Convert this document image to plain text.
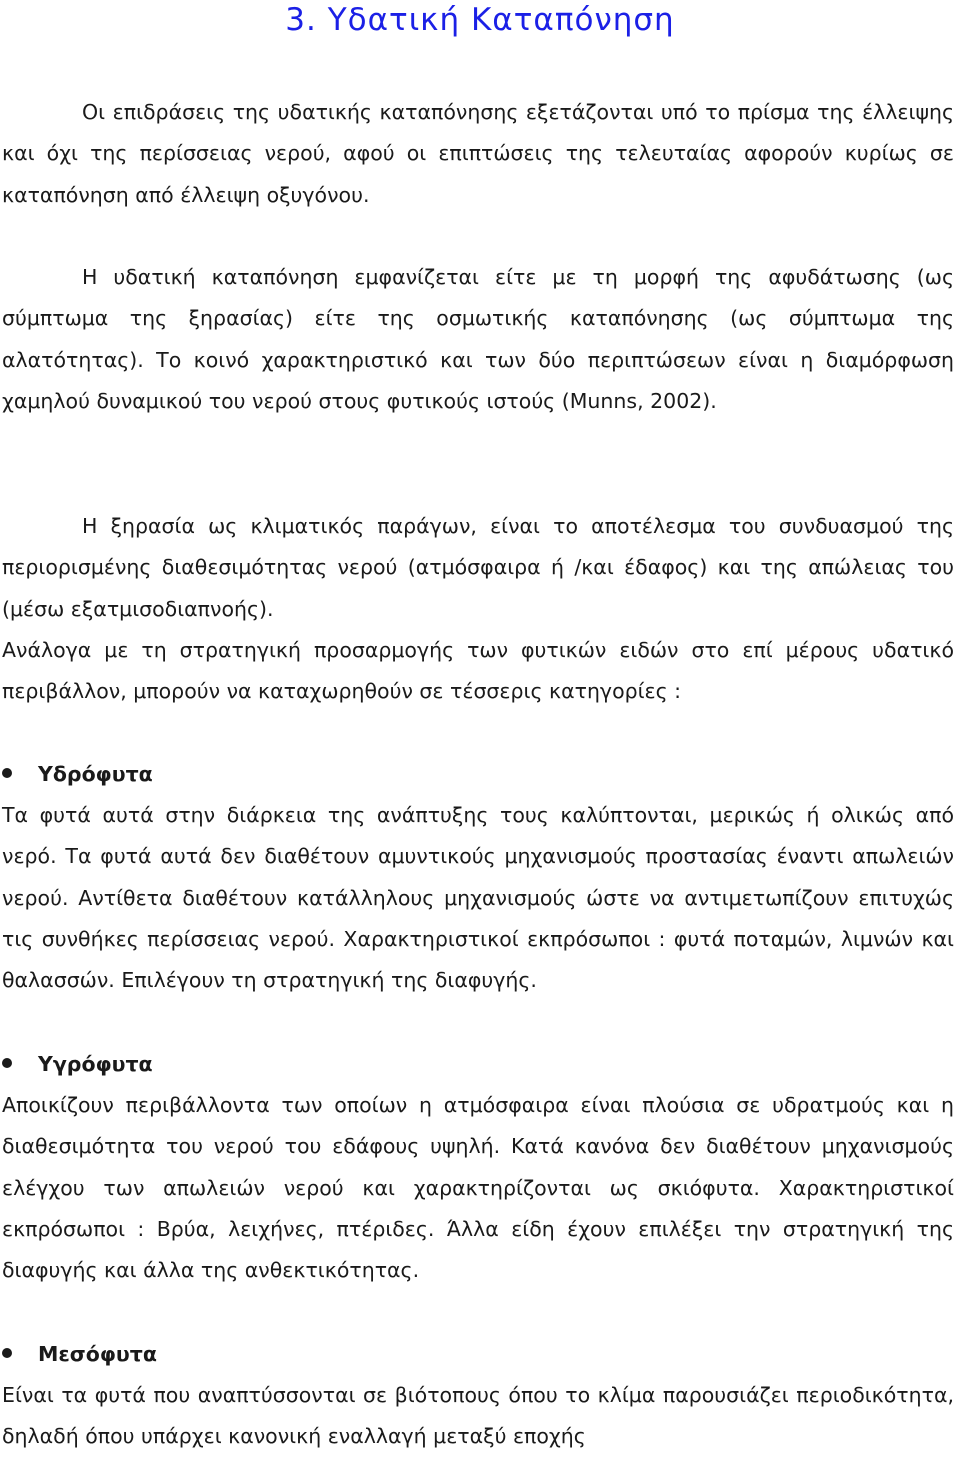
3. Υδατική Καταπόνηση

Οι επιδράσεις της υδατικής καταπόνησης εξετάζονται υπό το πρίσμα της έλλειψης και όχι της περίσσειας νερού, αφού οι επιπτώσεις της τελευταίας αφορούν κυρίως σε καταπόνηση από έλλειψη οξυγόνου.

Η υδατική καταπόνηση εμφανίζεται είτε με τη μορφή της αφυδάτωσης (ως σύμπτωμα της ξηρασίας) είτε της οσμωτικής καταπόνησης (ως σύμπτωμα της αλατότητας). Το κοινό χαρακτηριστικό και των δύο περιπτώσεων είναι η διαμόρφωση χαμηλού δυναμικού του νερού στους φυτικούς ιστούς (Munns, 2002).

Η ξηρασία ως κλιματικός παράγων, είναι το αποτέλεσμα του συνδυασμού της περιορισμένης διαθεσιμότητας νερού (ατμόσφαιρα ή /και έδαφος) και της απώλειας του (μέσω εξατμισοδιαπνοής).

Ανάλογα με τη στρατηγική προσαρμογής των φυτικών ειδών στο επί μέρους υδατικό περιβάλλον, μπορούν να καταχωρηθούν σε τέσσερις κατηγορίες :

Υδρόφυτα

Τα φυτά αυτά στην διάρκεια της ανάπτυξης τους καλύπτονται, μερικώς ή ολικώς από νερό. Τα φυτά αυτά δεν διαθέτουν αμυντικούς μηχανισμούς προστασίας έναντι απωλειών νερού. Αντίθετα διαθέτουν κατάλληλους μηχανισμούς ώστε να αντιμετωπίζουν επιτυχώς τις συνθήκες περίσσειας νερού. Χαρακτηριστικοί εκπρόσωποι : φυτά ποταμών, λιμνών και θαλασσών. Επιλέγουν τη στρατηγική της διαφυγής.

Υγρόφυτα

Αποικίζουν περιβάλλοντα των οποίων η ατμόσφαιρα είναι πλούσια σε υδρατμούς και η διαθεσιμότητα του νερού του εδάφους υψηλή. Κατά κανόνα δεν διαθέτουν μηχανισμούς ελέγχου των απωλειών νερού και χαρακτηρίζονται ως σκιόφυτα. Χαρακτηριστικοί εκπρόσωποι : Βρύα, λειχήνες, πτέριδες. Άλλα είδη έχουν επιλέξει την στρατηγική της διαφυγής και άλλα της ανθεκτικότητας.

Μεσόφυτα

Είναι τα φυτά που αναπτύσσονται σε βιότοπους όπου το κλίμα παρουσιάζει περιοδικότητα, δηλαδή όπου υπάρχει κανονική εναλλαγή μεταξύ εποχής
